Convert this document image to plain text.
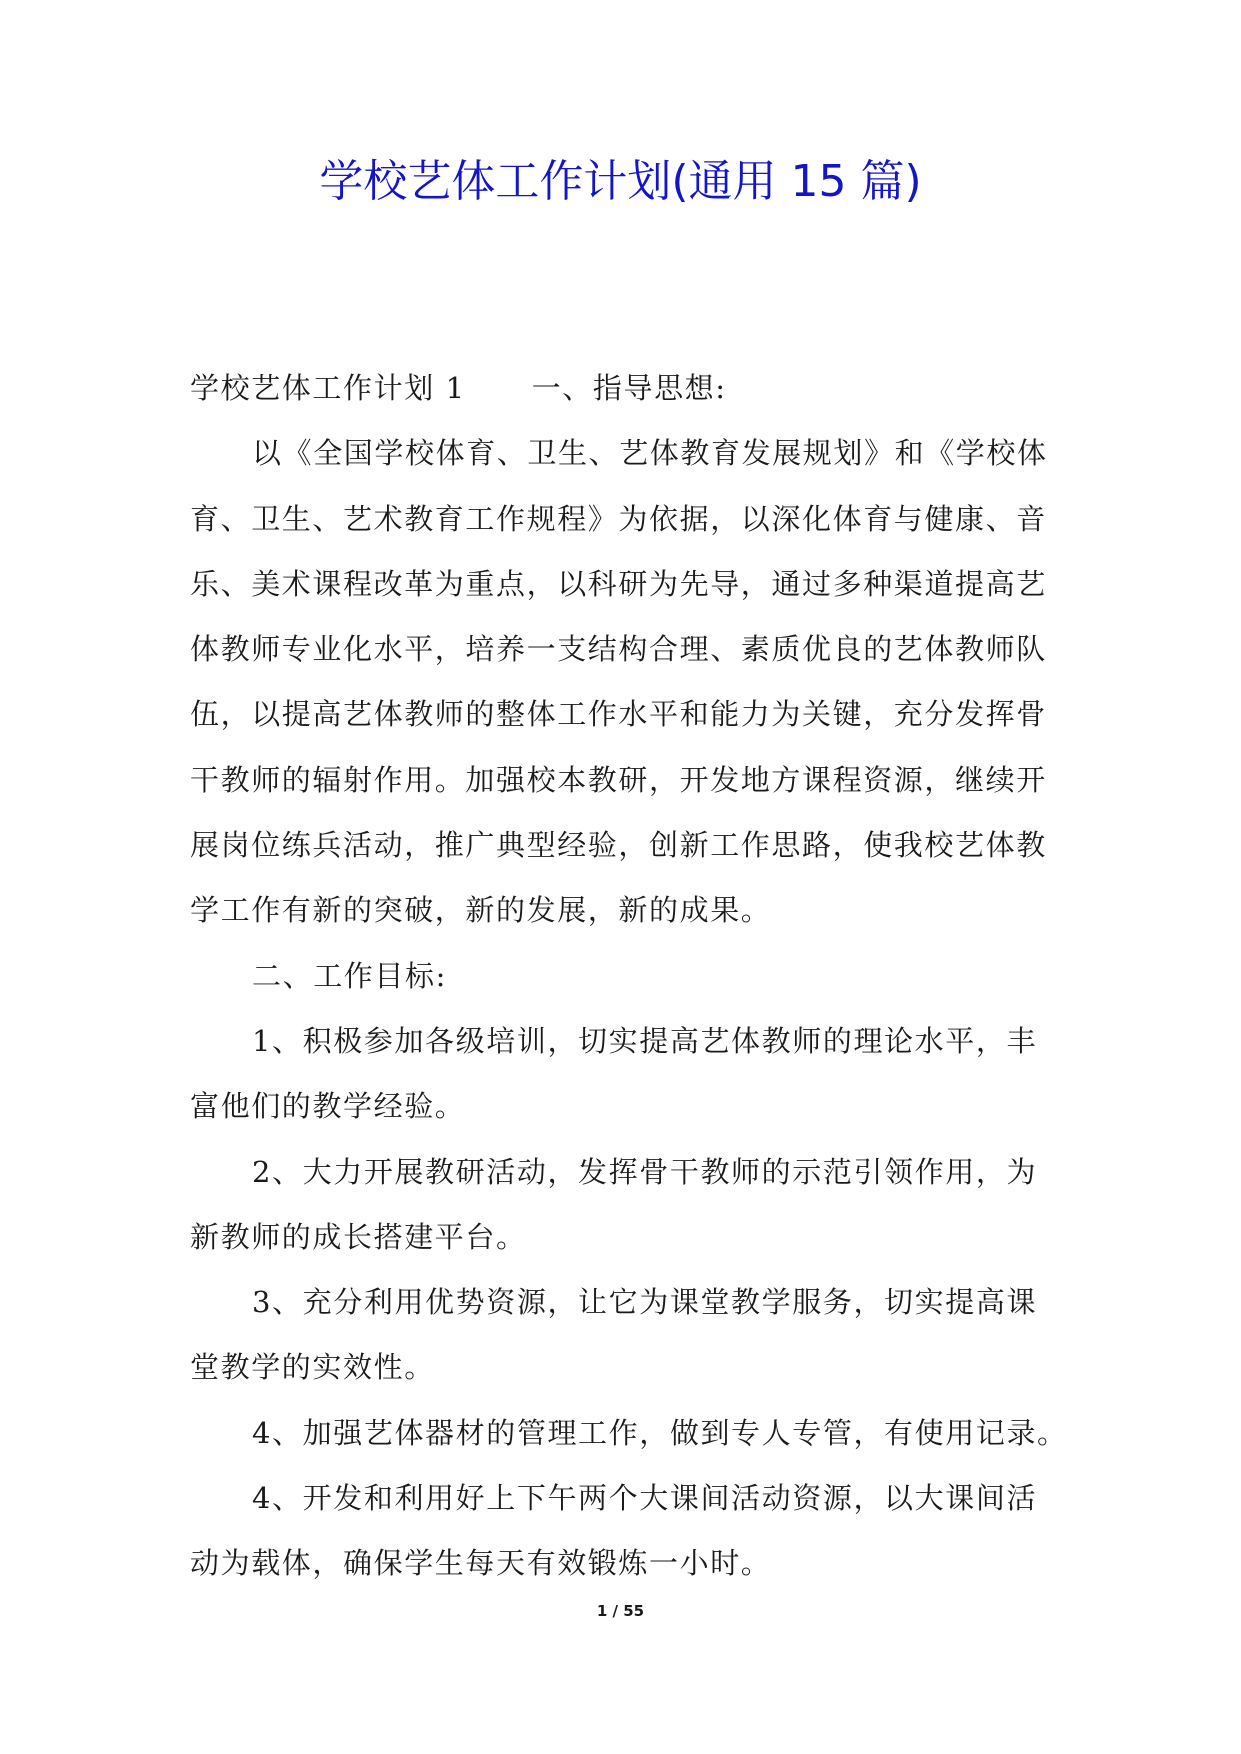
学校艺体工作计划(通用 15 篇)

学校艺体工作计划 1 一、指导思想:

以《全国学校体育、卫生、艺体教育发展规划》和《学校体育、卫生、艺术教育工作规程》为依据，以深化体育与健康、音乐、美术课程改革为重点，以科研为先导，通过多种渠道提高艺体教师专业化水平，培养一支结构合理、素质优良的艺体教师队伍，以提高艺体教师的整体工作水平和能力为关键，充分发挥骨干教师的辐射作用。加强校本教研，开发地方课程资源，继续开展岗位练兵活动，推广典型经验，创新工作思路，使我校艺体教学工作有新的突破，新的发展，新的成果。

二、工作目标:

1、积极参加各级培训，切实提高艺体教师的理论水平，丰富他们的教学经验。

2、大力开展教研活动，发挥骨干教师的示范引领作用，为新教师的成长搭建平台。

3、充分利用优势资源，让它为课堂教学服务，切实提高课堂教学的实效性。

4、加强艺体器材的管理工作，做到专人专管，有使用记录。

4、开发和利用好上下午两个大课间活动资源，以大课间活动为载体，确保学生每天有效锻炼一小时。

1 / 55
